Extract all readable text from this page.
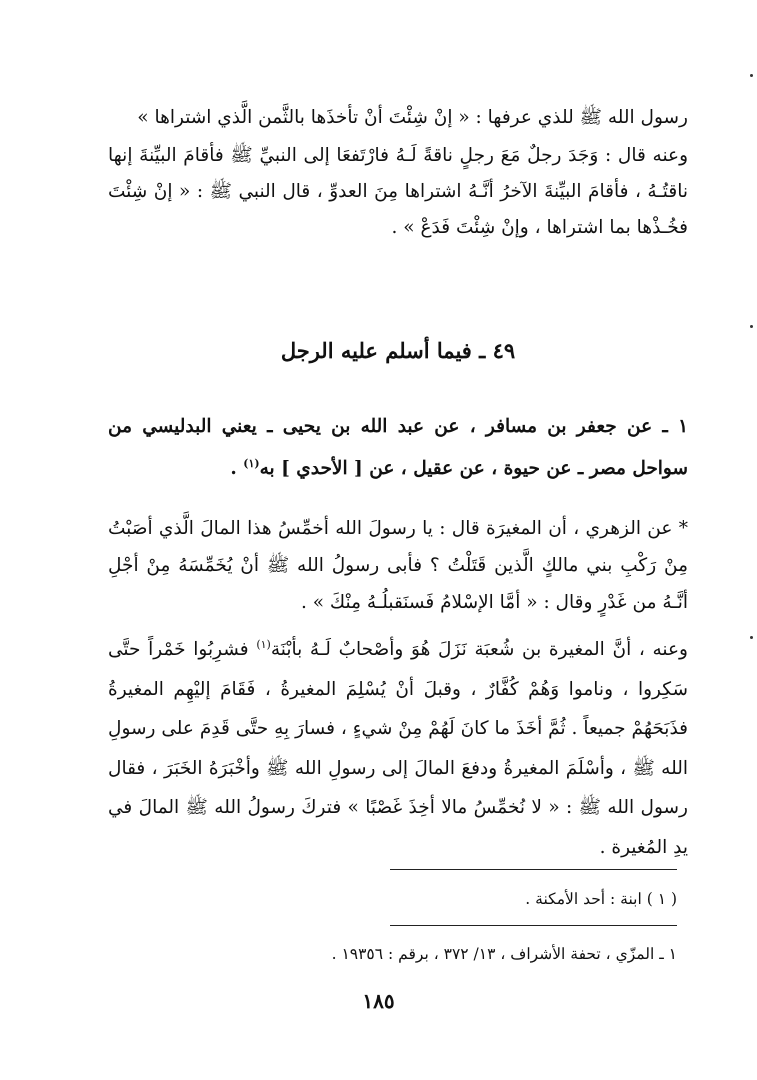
رسول الله ﷺ للذي عرفها : « إنْ شِئْتَ أنْ تأخذَها بالثَّمن الَّذي اشتراها »

وعنه قال : وَجَدَ رجلٌ مَعَ رجلٍ ناقةً لَـهُ فارْتَفعَا إلى النبيِّ ﷺ فأقامَ البيِّنةَ إنها ناقتُـهُ ، فأقامَ البيِّنةَ الآخرُ أنَّـهُ اشتراها مِنَ العدوِّ ، قال النبي ﷺ : « إنْ شِئْتَ فخُـذْها بما اشتراها ، وإنْ شِئْتَ فَدَعْ » .

٤٩ ـ فيما أسلم عليه الرجل
١ ـ عن جعفر بن مسافر ، عن عبد الله بن يحيى ـ يعني البدليسي من سواحل مصر ـ عن حيوة ، عن عقيل ، عن [ الأحدي ] به$^{(١)}$ .
* عن الزهري ، أن المغيرَة قال : يا رسولَ الله أخمِّسُ هذا المالَ الَّذي أصَبْتُ مِنْ رَكْبِ بني مالكٍ الَّذين قَتَلْتُ ؟ فأبى رسولُ الله ﷺ أنْ يُخَمِّسَهُ مِنْ أجْلِ أنَّـهُ من غَدْرٍ وقال : « أمَّا الإسْلامُ فَسنَقبلُـهُ مِنْكَ » .
وعنه ، أنَّ المغيرة بن شُعبَة نَزَلَ هُوَ وأصْحابٌ لَـهُ بأبْنَة$^{(١)}$ فشرِبُوا خَمْراً حتَّى سَكِروا ، وناموا وَهُمْ كُفَّارٌ ، وقبلَ أنْ يُسْلِمَ المغيرةُ ، فَقَامَ إليْهِم المغيرةُ فذَبَحَهُمْ جميعاً . ثُمَّ أخَذَ ما كانَ لَهُمْ مِنْ شيءٍ ، فسارَ بِهِ حتَّى قَدِمَ على رسولِ الله ﷺ ، وأسْلَمَ المغيرةُ ودفعَ المالَ إلى رسولِ الله ﷺ وأخْبَرَهُ الخَبَرَ ، فقال رسول الله ﷺ : « لا نُخمِّسُ مالا أخِذَ غَصْبًا » فتركَ رسولُ الله ﷺ المالَ في يدِ المُغيرة .
( ١ ) ابنة : أحد الأمكنة .
١ ـ المزّي ، تحفة الأشراف ، ١٣/ ٣٧٢ ، برقم : ١٩٣٥٦ .
١٨٥
